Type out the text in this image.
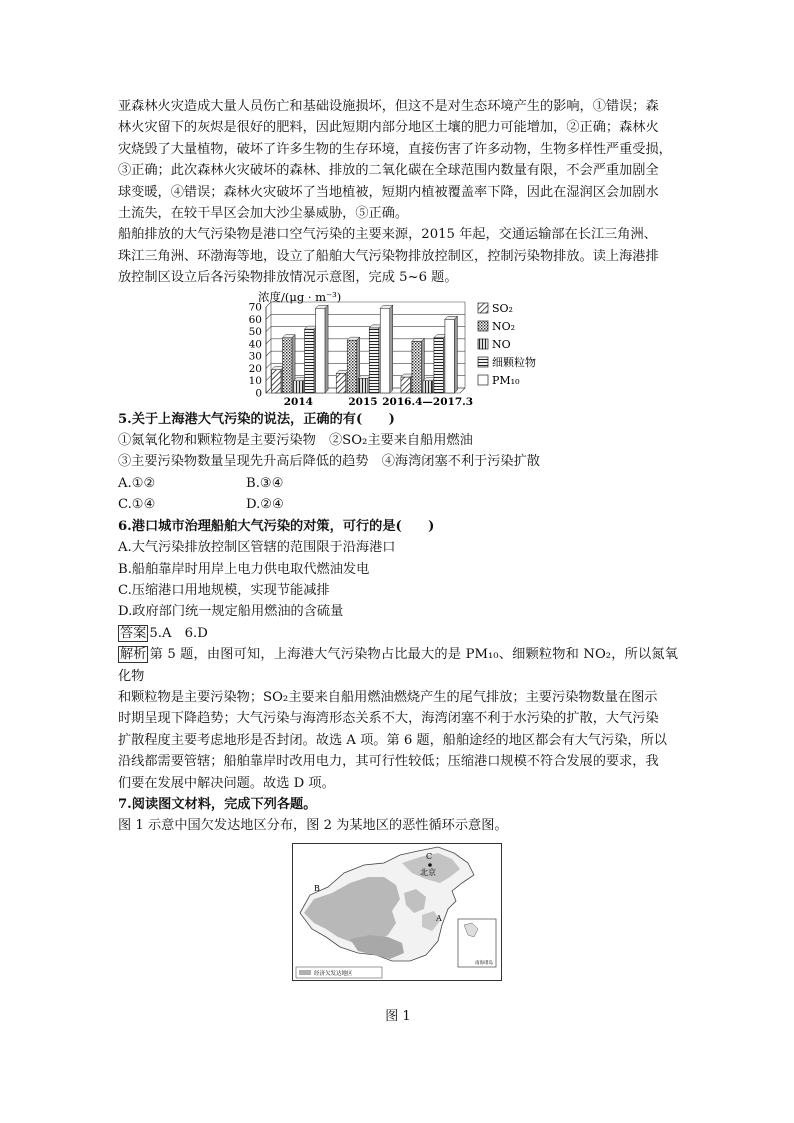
亚森林火灾造成大量人员伤亡和基础设施损坏，但这不是对生态环境产生的影响，①错误；森

林火灾留下的灰烬是很好的肥料，因此短期内部分地区土壤的肥力可能增加，②正确；森林火

灾烧毁了大量植物，破坏了许多生物的生存环境，直接伤害了许多动物，生物多样性严重受损，

③正确；此次森林火灾破坏的森林、排放的二氧化碳在全球范围内数量有限，不会严重加剧全

球变暖，④错误；森林火灾破坏了当地植被，短期内植被覆盖率下降，因此在湿润区会加剧水

土流失，在较干旱区会加大沙尘暴威胁，⑤正确。

船舶排放的大气污染物是港口空气污染的主要来源，2015 年起，交通运输部在长江三角洲、

珠江三角洲、环渤海等地，设立了船舶大气污染物排放控制区，控制污染物排放。读上海港排

放控制区设立后各污染物排放情况示意图，完成 5~6 题。

浓度/(μg · m⁻³)
0
10
20
30
40
50
60
70
2014	2015 2016.4—2017.3
SO₂
NO₂
NO
细颗粒物
PM₁₀

5.关于上海港大气污染的说法，正确的有(　　)

①氮氧化物和颗粒物是主要污染物　②SO₂主要来自船用燃油

③主要污染物数量呈现先升高后降低的趋势　④海湾闭塞不利于污染扩散

A.①②	B.③④
C.①④	D.②④

6.港口城市治理船舶大气污染的对策，可行的是(　　)

A.大气污染排放控制区管辖的范围限于沿海港口

B.船舶靠岸时用岸上电力供电取代燃油发电

C.压缩港口用地规模，实现节能减排

D.政府部门统一规定船用燃油的含硫量

答案 5.A　6.D

解析 第 5 题，由图可知，上海港大气污染物占比最大的是 PM₁₀、细颗粒物和 NO₂，所以氮氧化物

和颗粒物是主要污染物；SO₂主要来自船用燃油燃烧产生的尾气排放；主要污染物数量在图示

时期呈现下降趋势；大气污染与海湾形态关系不大，海湾闭塞不利于水污染的扩散，大气污染

扩散程度主要考虑地形是否封闭。故选 A 项。第 6 题，船舶途经的地区都会有大气污染，所以

沿线都需要管辖；船舶靠岸时改用电力，其可行性较低；压缩港口规模不符合发展的要求，我

们要在发展中解决问题。故选 D 项。

7.阅读图文材料，完成下列各题。

图 1 示意中国欠发达地区分布，图 2 为某地区的恶性循环示意图。

南海诸岛
C
北京
B
A
经济欠发达地区
图 1
